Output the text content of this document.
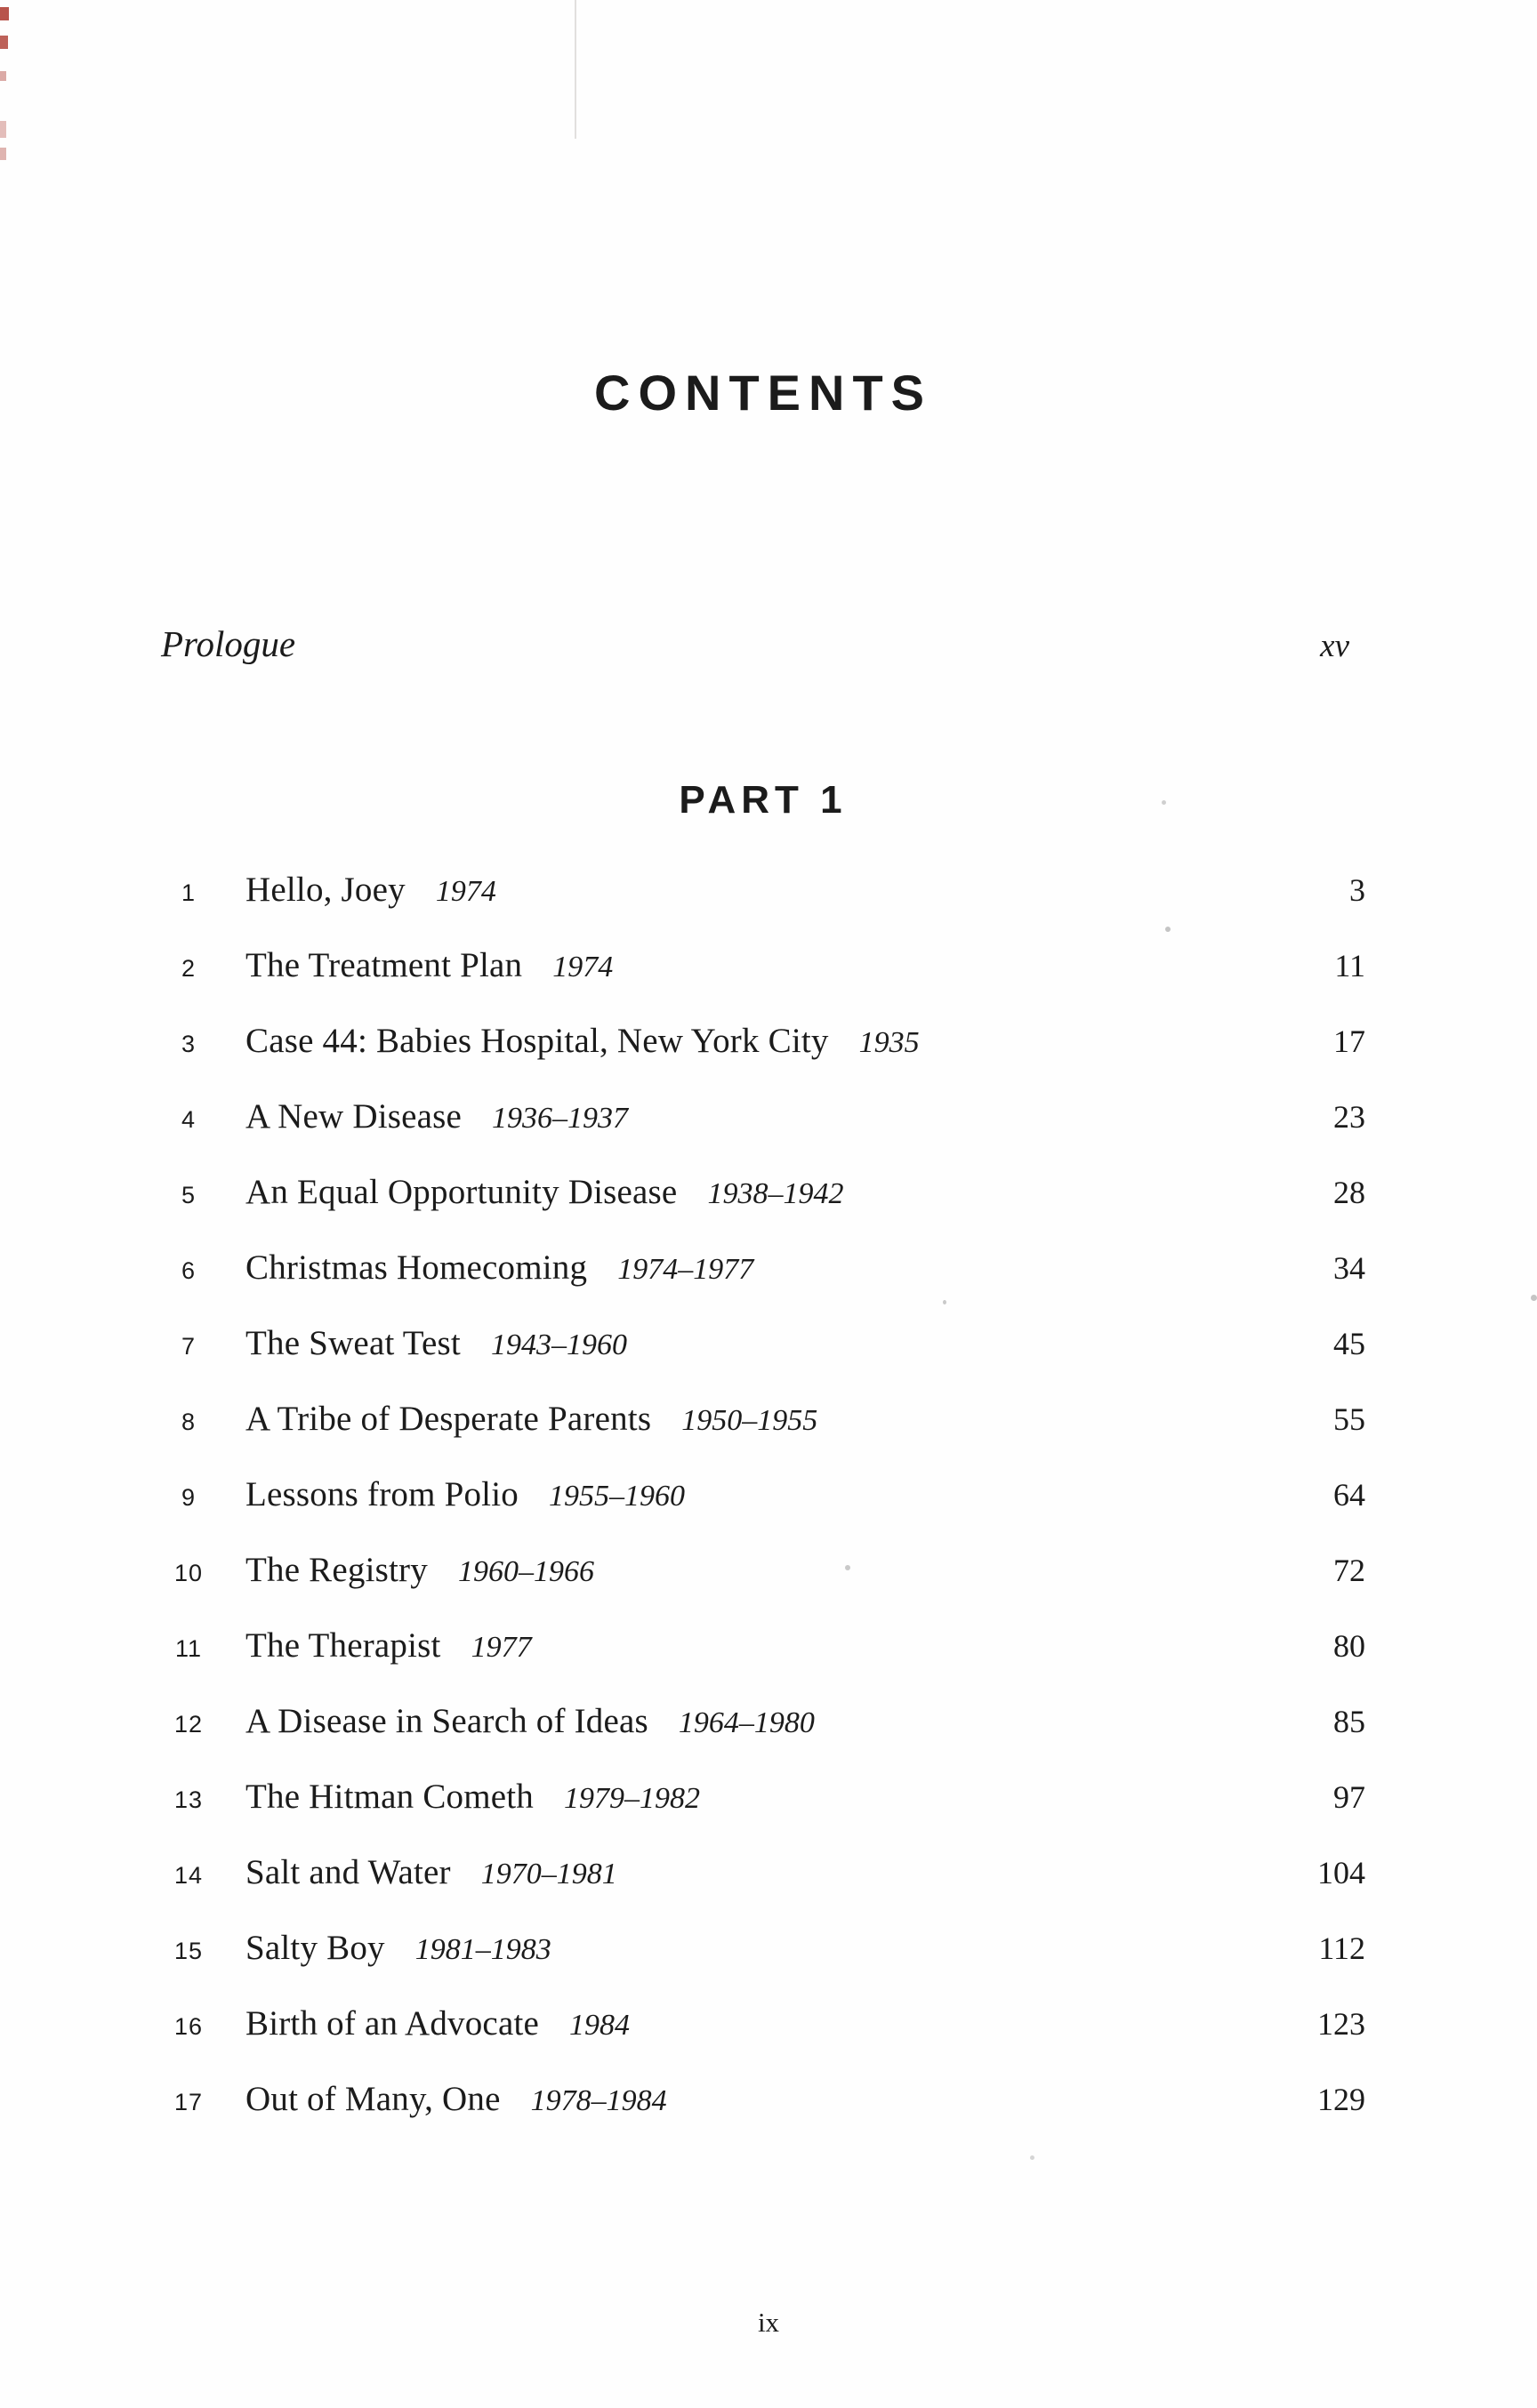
CONTENTS
Prologue	xv
PART 1
1	Hello, Joey 1974	3
2	The Treatment Plan 1974	11
3	Case 44: Babies Hospital, New York City 1935	17
4	A New Disease 1936–1937	23
5	An Equal Opportunity Disease 1938–1942	28
6	Christmas Homecoming 1974–1977	34
7	The Sweat Test 1943–1960	45
8	A Tribe of Desperate Parents 1950–1955	55
9	Lessons from Polio 1955–1960	64
10	The Registry 1960–1966	72
11	The Therapist 1977	80
12	A Disease in Search of Ideas 1964–1980	85
13	The Hitman Cometh 1979–1982	97
14	Salt and Water 1970–1981	104
15	Salty Boy 1981–1983	112
16	Birth of an Advocate 1984	123
17	Out of Many, One 1978–1984	129
ix
